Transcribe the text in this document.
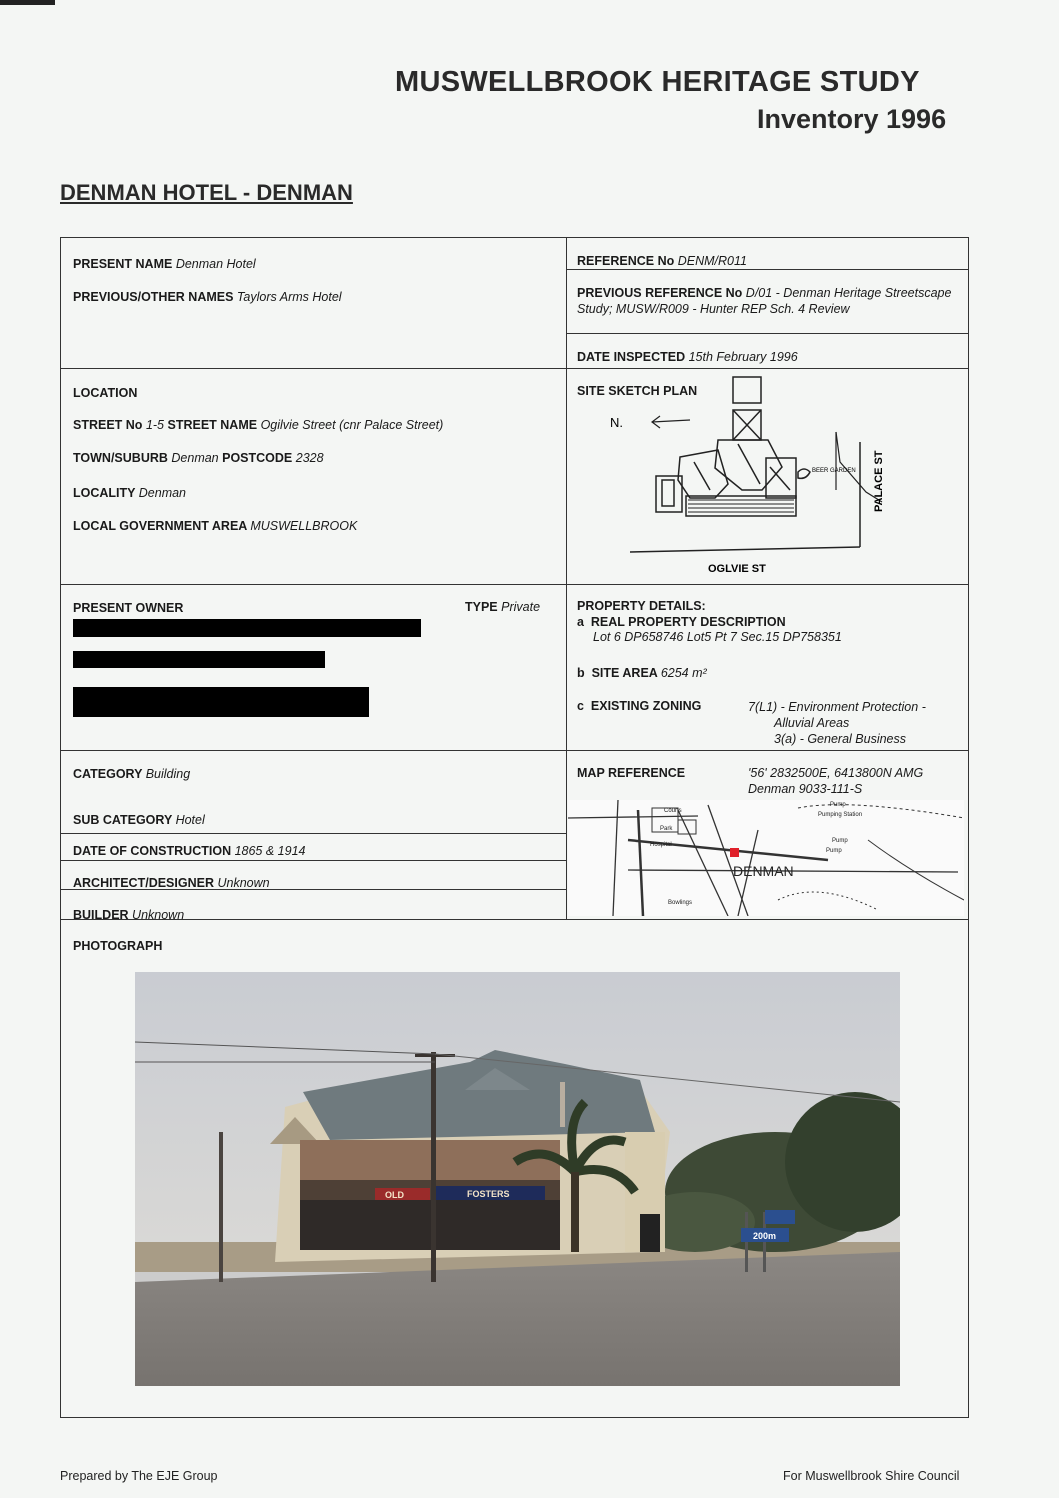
MUSWELLBROOK HERITAGE STUDY
Inventory 1996
DENMAN HOTEL - DENMAN
PRESENT NAME Denman Hotel
PREVIOUS/OTHER NAMES Taylors Arms Hotel
REFERENCE No DENM/R011
PREVIOUS REFERENCE No D/01 - Denman Heritage Streetscape Study; MUSW/R009 - Hunter REP Sch. 4 Review
DATE INSPECTED 15th February 1996
LOCATION
STREET No 1-5 STREET NAME Ogilvie Street (cnr Palace Street)
TOWN/SUBURB Denman POSTCODE 2328
LOCALITY Denman
LOCAL GOVERNMENT AREA MUSWELLBROOK
SITE SKETCH PLAN
PRESENT OWNER	TYPE Private	PROPERTY DETAILS:
a REAL PROPERTY DESCRIPTION
Lot 6 DP658746 Lot5 Pt 7 Sec.15 DP758351
b SITE AREA 6254 m²
c EXISTING ZONING	7(L1) - Environment Protection -
Alluvial Areas
3(a) - General Business
CATEGORY Building
SUB CATEGORY Hotel
DATE OF CONSTRUCTION 1865 & 1914
ARCHITECT/DESIGNER Unknown
BUILDER Unknown
MAP REFERENCE	'56' 2832500E, 6413800N AMG
Denman 9033-111-S
PHOTOGRAPH
N.
BEER GARDEN PALACE ST
OGLVIE ST
DENMAN
Courts
Park
Hospital
Pump
Pumping Station
Pump
Pump
Bowlings
OLD	FOSTERS
200m
Prepared by The EJE Group	For Muswellbrook Shire Council
